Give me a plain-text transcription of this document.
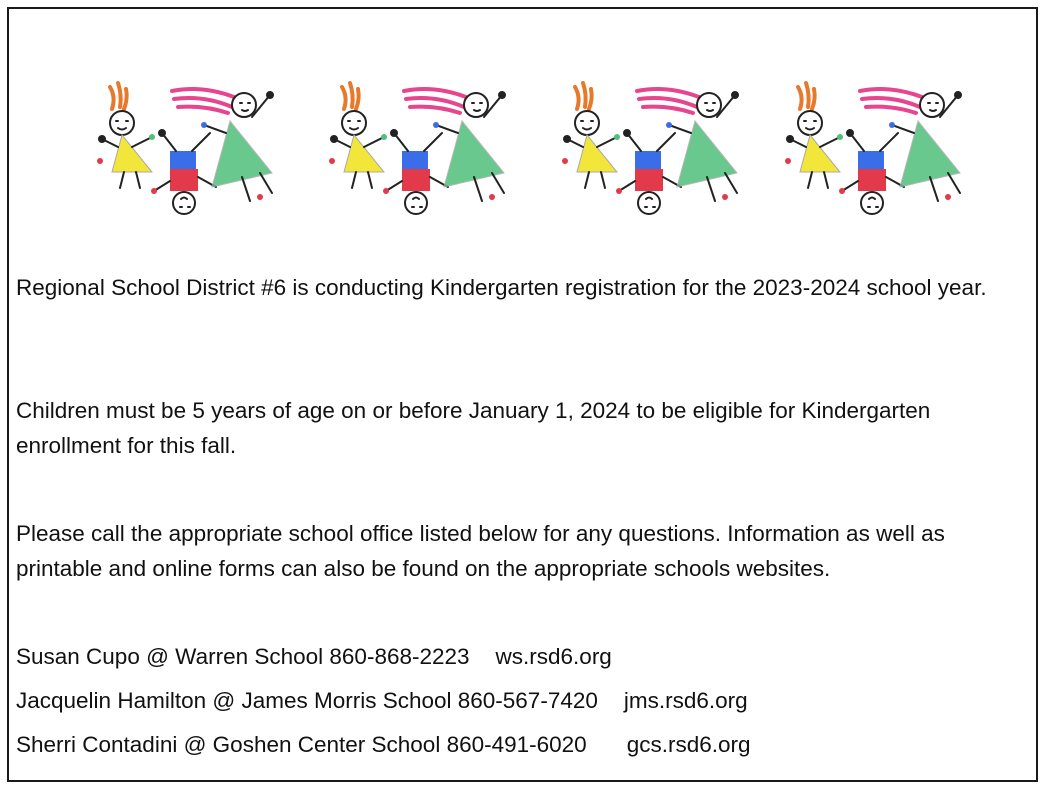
Regional School District #6 is conducting Kindergarten registration for the 2023-2024 school year.

Children must be 5 years of age on or before January 1, 2024 to be eligible for Kindergarten enrollment for this fall.

Please call the appropriate school office listed below for any questions. Information as well as printable and online forms can also be found on the appropriate schools websites.

Susan Cupo @ Warren School 860-868-2223 ws.rsd6.org
Jacquelin Hamilton @ James Morris School 860-567-7420 jms.rsd6.org
Sherri Contadini @ Goshen Center School 860-491-6020 gcs.rsd6.org
